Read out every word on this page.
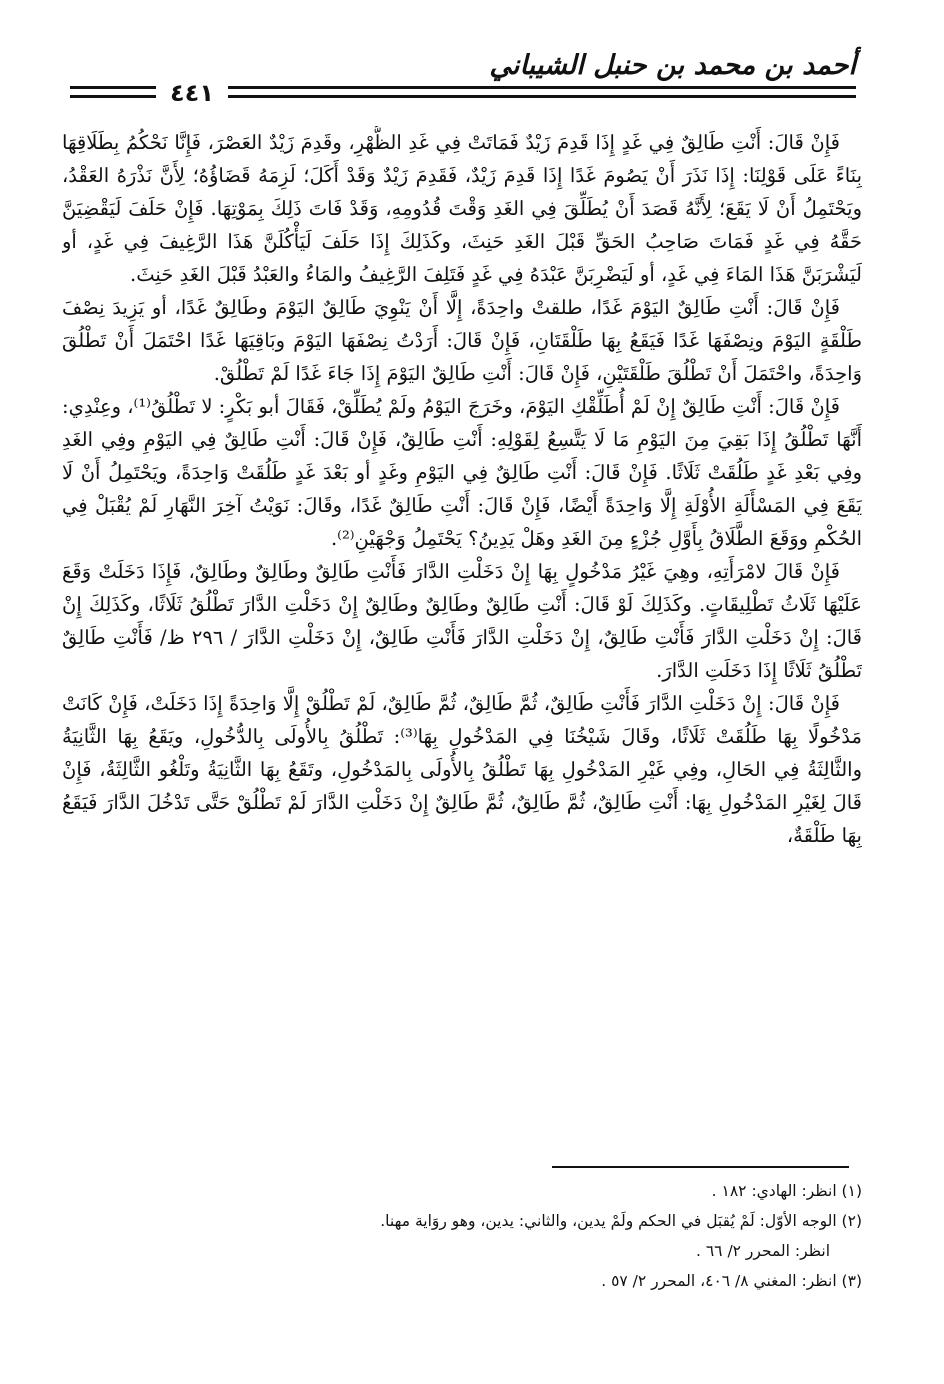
أحمد بن محمد بن حنبل الشيباني
٤٤١

فَإِنْ قَالَ: أَنْتِ طَالِقٌ فِي غَدٍ إِذَا قَدِمَ زَيْدٌ فَمَاتَتْ فِي غَدِ الظُّهْرِ، وقَدِمَ زَيْدٌ العَصْرَ، فَإِنَّا نَحْكُمُ بِطَلَاقِهَا بِنَاءً عَلَى قَوْلِنَا: إِذَا نَذَرَ أَنْ يَصُومَ غَدًا إِذَا قَدِمَ زَيْدٌ، فَقَدِمَ زَيْدٌ وَقَدْ أَكَلَ؛ لَزِمَهُ قَضَاؤُهُ؛ لِأَنَّ نَذْرَهُ العَقْدُ، ويَحْتَمِلُ أَنْ لَا يَقَعَ؛ لِأَنَّهُ قَصَدَ أَنْ يُطَلِّقَ فِي الغَدِ وَقْتَ قُدُومِهِ، وَقَدْ فَاتَ ذَلِكَ بِمَوْتِهَا. فَإِنْ حَلَفَ لَيَقْضِيَنَّ حَقَّهُ فِي غَدٍ فَمَاتَ صَاحِبُ الحَقِّ قَبْلَ الغَدِ حَنِثَ، وكَذَلِكَ إِذَا حَلَفَ لَيَأْكُلَنَّ هَذَا الرَّغِيفَ فِي غَدٍ، أو لَيَشْرَبَنَّ هَذَا المَاءَ فِي غَدٍ، أو لَيَضْرِبَنَّ عَبْدَهُ فِي غَدٍ فَتَلِفَ الرَّغِيفُ والمَاءُ والعَبْدُ قَبْلَ الغَدِ حَنِثَ.

فَإِنْ قَالَ: أَنْتِ طَالِقٌ اليَوْمَ غَدًا، طلقتْ واحِدَةً، إِلَّا أَنْ يَنْوِيَ طَالِقٌ اليَوْمَ وطَالِقٌ غَدًا، أو يَزِيدَ نِصْفَ طَلْقَةٍ اليَوْمَ ونِصْفَهَا غَدًا فَيَقَعُ بِهَا طَلْقَتَانِ، فَإِنْ قَالَ: أَرَدْتُ نِصْفَهَا اليَوْمَ وبَاقِيَهَا غَدًا احْتَمَلَ أَنْ تَطْلُقَ وَاحِدَةً، واحْتَمَلَ أَنْ تَطْلُقَ طَلْقَتَيْنِ، فَإِنْ قَالَ: أَنْتِ طَالِقٌ اليَوْمَ إِذَا جَاءَ غَدًا لَمْ تَطْلُقْ.

فَإِنْ قَالَ: أَنْتِ طَالِقٌ إِنْ لَمْ أُطَلِّقْكِ اليَوْمَ، وخَرَجَ اليَوْمُ ولَمْ يُطَلِّقْ، فَقَالَ أبو بَكْرٍ: لا تَطْلُقُ⁽¹⁾، وعِنْدِي: أَنَّهَا تَطْلُقُ إِذَا بَقِيَ مِنَ اليَوْمِ مَا لَا يَتَّسِعُ لِقَوْلِهِ: أَنْتِ طَالِقٌ، فَإِنْ قَالَ: أَنْتِ طَالِقٌ فِي اليَوْمِ وفِي الغَدِ وفِي بَعْدِ غَدٍ طَلُقَتْ ثَلَاثًا. فَإِنْ قَالَ: أَنْتِ طَالِقٌ فِي اليَوْمِ وغَدٍ أو بَعْدَ غَدٍ طَلُقَتْ وَاحِدَةً، ويَحْتَمِلُ أَنْ لَا يَقَعَ فِي المَسْأَلَةِ الأُوْلَةِ إِلَّا وَاحِدَةً أَيْضًا، فَإِنْ قَالَ: أَنْتِ طَالِقٌ غَدًا، وقَالَ: نَوَيْتُ آخِرَ النَّهَارِ لَمْ يُقْبَلْ فِي الحُكْمِ ووَقَعَ الطَّلَاقُ بِأَوَّلِ جُزْءٍ مِنَ الغَدِ وهَلْ يَدِينُ؟ يَحْتَمِلُ وَجْهَيْنِ⁽²⁾.

فَإِنْ قَالَ لامْرَأَتِهِ، وهِيَ غَيْرُ مَدْخُولٍ بِهَا إِنْ دَخَلْتِ الدَّارَ فَأَنْتِ طَالِقٌ وطَالِقٌ وطَالِقٌ، فَإِذَا دَخَلَتْ وَقَعَ عَلَيْهَا ثَلَاثُ تَطْلِيقَاتٍ. وكَذَلِكَ لَوْ قَالَ: أَنْتِ طَالِقٌ وطَالِقٌ وطَالِقٌ إِنْ دَخَلْتِ الدَّارَ تَطْلُقُ ثَلَاثًا، وكَذَلِكَ إِنْ قَالَ: إِنْ دَخَلْتِ الدَّارَ فَأَنْتِ طَالِقٌ، إِنْ دَخَلْتِ الدَّارَ فَأَنْتِ طَالِقٌ، إِنْ دَخَلْتِ الدَّارَ / ٢٩٦ ظ/ فَأَنْتِ طَالِقٌ تَطْلُقُ ثَلَاثًا إِذَا دَخَلَتِ الدَّارَ.

فَإِنْ قَالَ: إِنْ دَخَلْتِ الدَّارَ فَأَنْتِ طَالِقٌ، ثُمَّ طَالِقٌ، ثُمَّ طَالِقٌ، لَمْ تَطْلُقْ إِلَّا وَاحِدَةً إِذَا دَخَلَتْ، فَإِنْ كَانَتْ مَدْخُولًا بِهَا طَلُقَتْ ثَلَاثًا، وقَالَ شَيْخُنَا فِي المَدْخُولِ بِهَا⁽³⁾: تَطْلُقُ بِالأُولَى بِالدُّخُولِ، ويَقَعُ بِهَا الثَّانِيَةُ والثَّالِثَةُ فِي الحَالِ، وفِي غَيْرِ المَدْخُولِ بِهَا تَطْلُقُ بِالأُولَى بِالمَدْخُولِ، وتَقَعُ بِهَا الثَّانِيَةُ وتَلْغُو الثَّالِثَةُ، فَإِنْ قَالَ لِغَيْرِ المَدْخُولِ بِهَا: أَنْتِ طَالِقٌ، ثُمَّ طَالِقٌ، ثُمَّ طَالِقٌ إِنْ دَخَلْتِ الدَّارَ لَمْ تَطْلُقْ حَتَّى تَدْخُلَ الدَّارَ فَيَقَعُ بِهَا طَلْقَةٌ،

(١) انظر: الهادي: ١٨٢ .
(٢) الوجه الأوّل: لَمْ يُقبَل في الحكم ولَمْ يدين، والثاني: يدين، وهو روَاية مهنا.
انظر: المحرر ٢/ ٦٦ .
(٣) انظر: المغني ٨/ ٤٠٦، المحرر ٢/ ٥٧ .
